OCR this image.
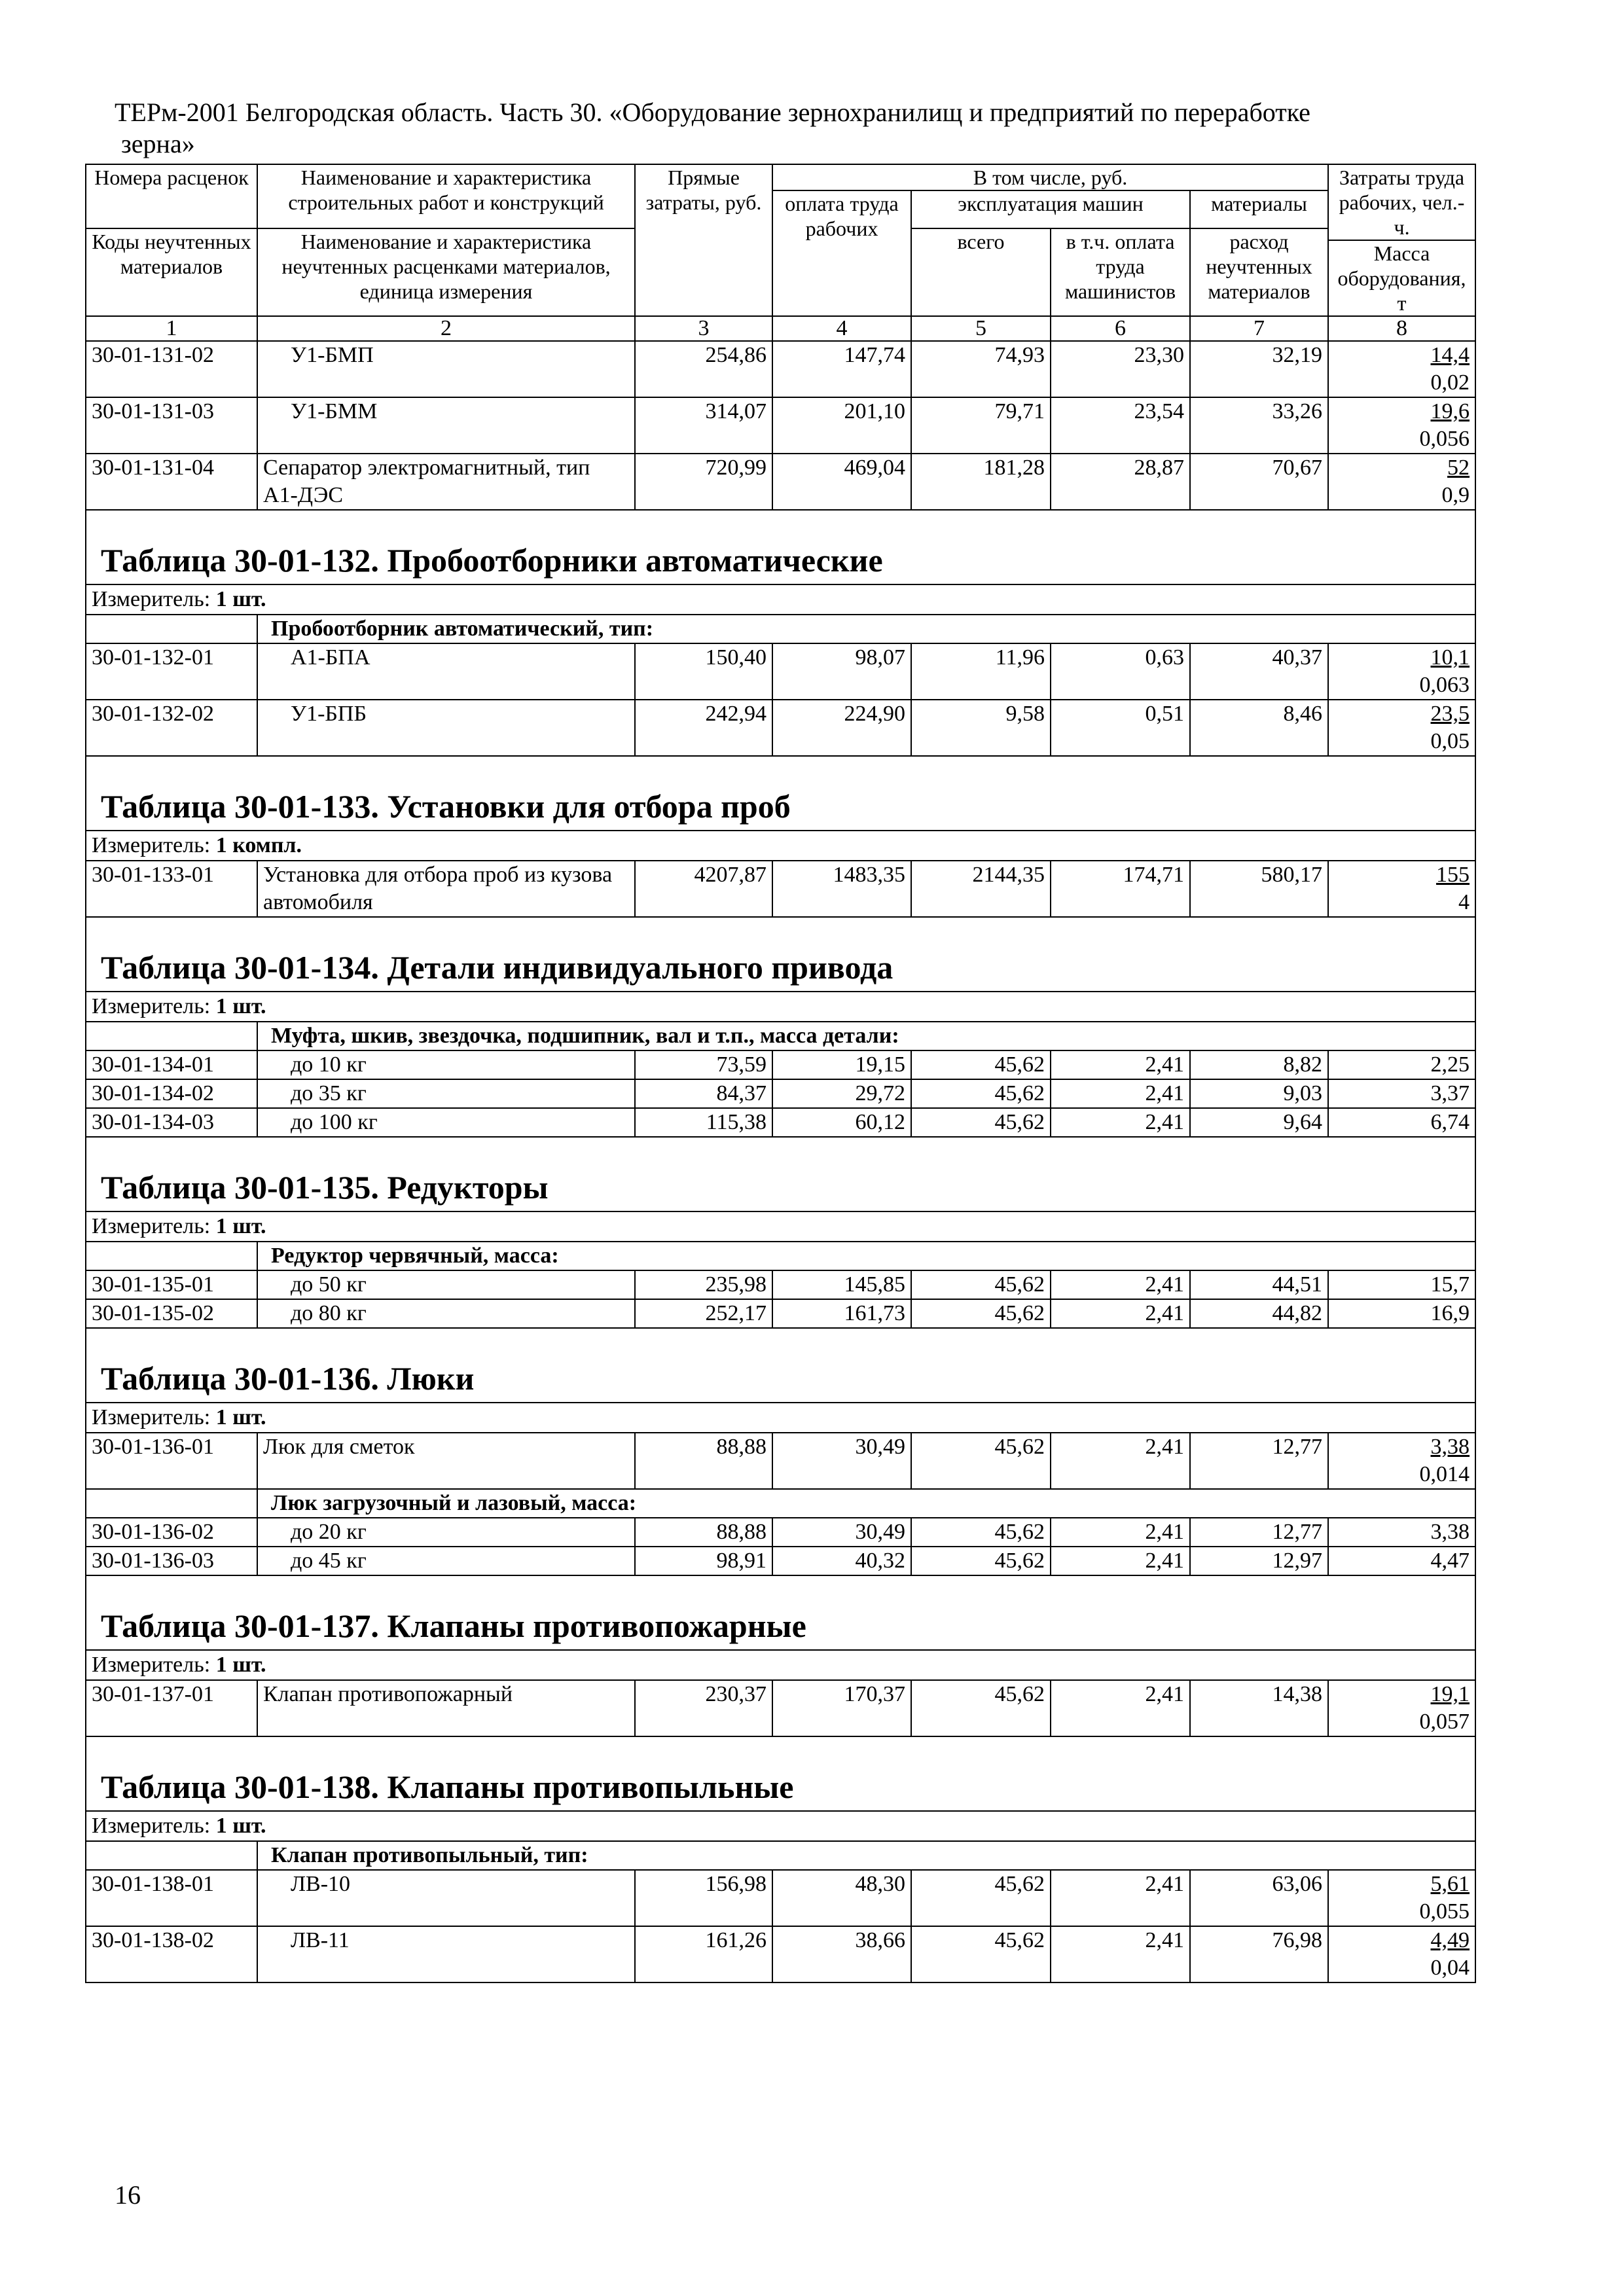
ТЕРм-2001 Белгородская область. Часть 30. «Оборудование зернохранилищ и предприятий по переработке
зерна»
Номера расценок	Наименование и характеристика строительных работ и конструкций	Прямые затраты, руб.	В том числе, руб.				Затраты труда рабочих, чел.-ч.
			оплата труда рабочих	эксплуатация машин		материалы	
Коды неучтенных материалов	Наименование и характеристика неучтенных расценками материалов, единица измерения			всего	в т.ч. оплата труда машинистов	расход неучтенных материалов	
							Масса оборудования, т
1	2	3	4	5	6	7	8
30-01-131-02	У1-БМП	254,86	147,74	74,93	23,30	32,19	14,4
0,02
30-01-131-03	У1-БММ	314,07	201,10	79,71	23,54	33,26	19,6
0,056
30-01-131-04	Сепаратор электромагнитный, тип А1-ДЭС	720,99	469,04	181,28	28,87	70,67	52
0,9
Таблица 30-01-132. Пробоотборники автоматические							
Измеритель: 1 шт.							
	Пробоотборник автоматический, тип:						
30-01-132-01	А1-БПА	150,40	98,07	11,96	0,63	40,37	10,1
0,063
30-01-132-02	У1-БПБ	242,94	224,90	9,58	0,51	8,46	23,5
0,05
Таблица 30-01-133. Установки для отбора проб							
Измеритель: 1 компл.							
30-01-133-01	Установка для отбора проб из кузова автомобиля	4207,87	1483,35	2144,35	174,71	580,17	155
4
Таблица 30-01-134. Детали индивидуального привода							
Измеритель: 1 шт.							
	Муфта, шкив, звездочка, подшипник, вал и т.п., масса детали:						
30-01-134-01	до 10 кг	73,59	19,15	45,62	2,41	8,82	2,25
30-01-134-02	до 35 кг	84,37	29,72	45,62	2,41	9,03	3,37
30-01-134-03	до 100 кг	115,38	60,12	45,62	2,41	9,64	6,74
Таблица 30-01-135. Редукторы							
Измеритель: 1 шт.							
	Редуктор червячный, масса:						
30-01-135-01	до 50 кг	235,98	145,85	45,62	2,41	44,51	15,7
30-01-135-02	до 80 кг	252,17	161,73	45,62	2,41	44,82	16,9
Таблица 30-01-136. Люки							
Измеритель: 1 шт.							
30-01-136-01	Люк для сметок	88,88	30,49	45,62	2,41	12,77	3,38
0,014
	Люк загрузочный и лазовый, масса:						
30-01-136-02	до 20 кг	88,88	30,49	45,62	2,41	12,77	3,38
30-01-136-03	до 45 кг	98,91	40,32	45,62	2,41	12,97	4,47
Таблица 30-01-137. Клапаны противопожарные							
Измеритель: 1 шт.							
30-01-137-01	Клапан противопожарный	230,37	170,37	45,62	2,41	14,38	19,1
0,057
Таблица 30-01-138. Клапаны противопыльные							
Измеритель: 1 шт.							
	Клапан противопыльный, тип:						
30-01-138-01	ЛВ-10	156,98	48,30	45,62	2,41	63,06	5,61
0,055
30-01-138-02	ЛВ-11	161,26	38,66	45,62	2,41	76,98	4,49
0,04
16
